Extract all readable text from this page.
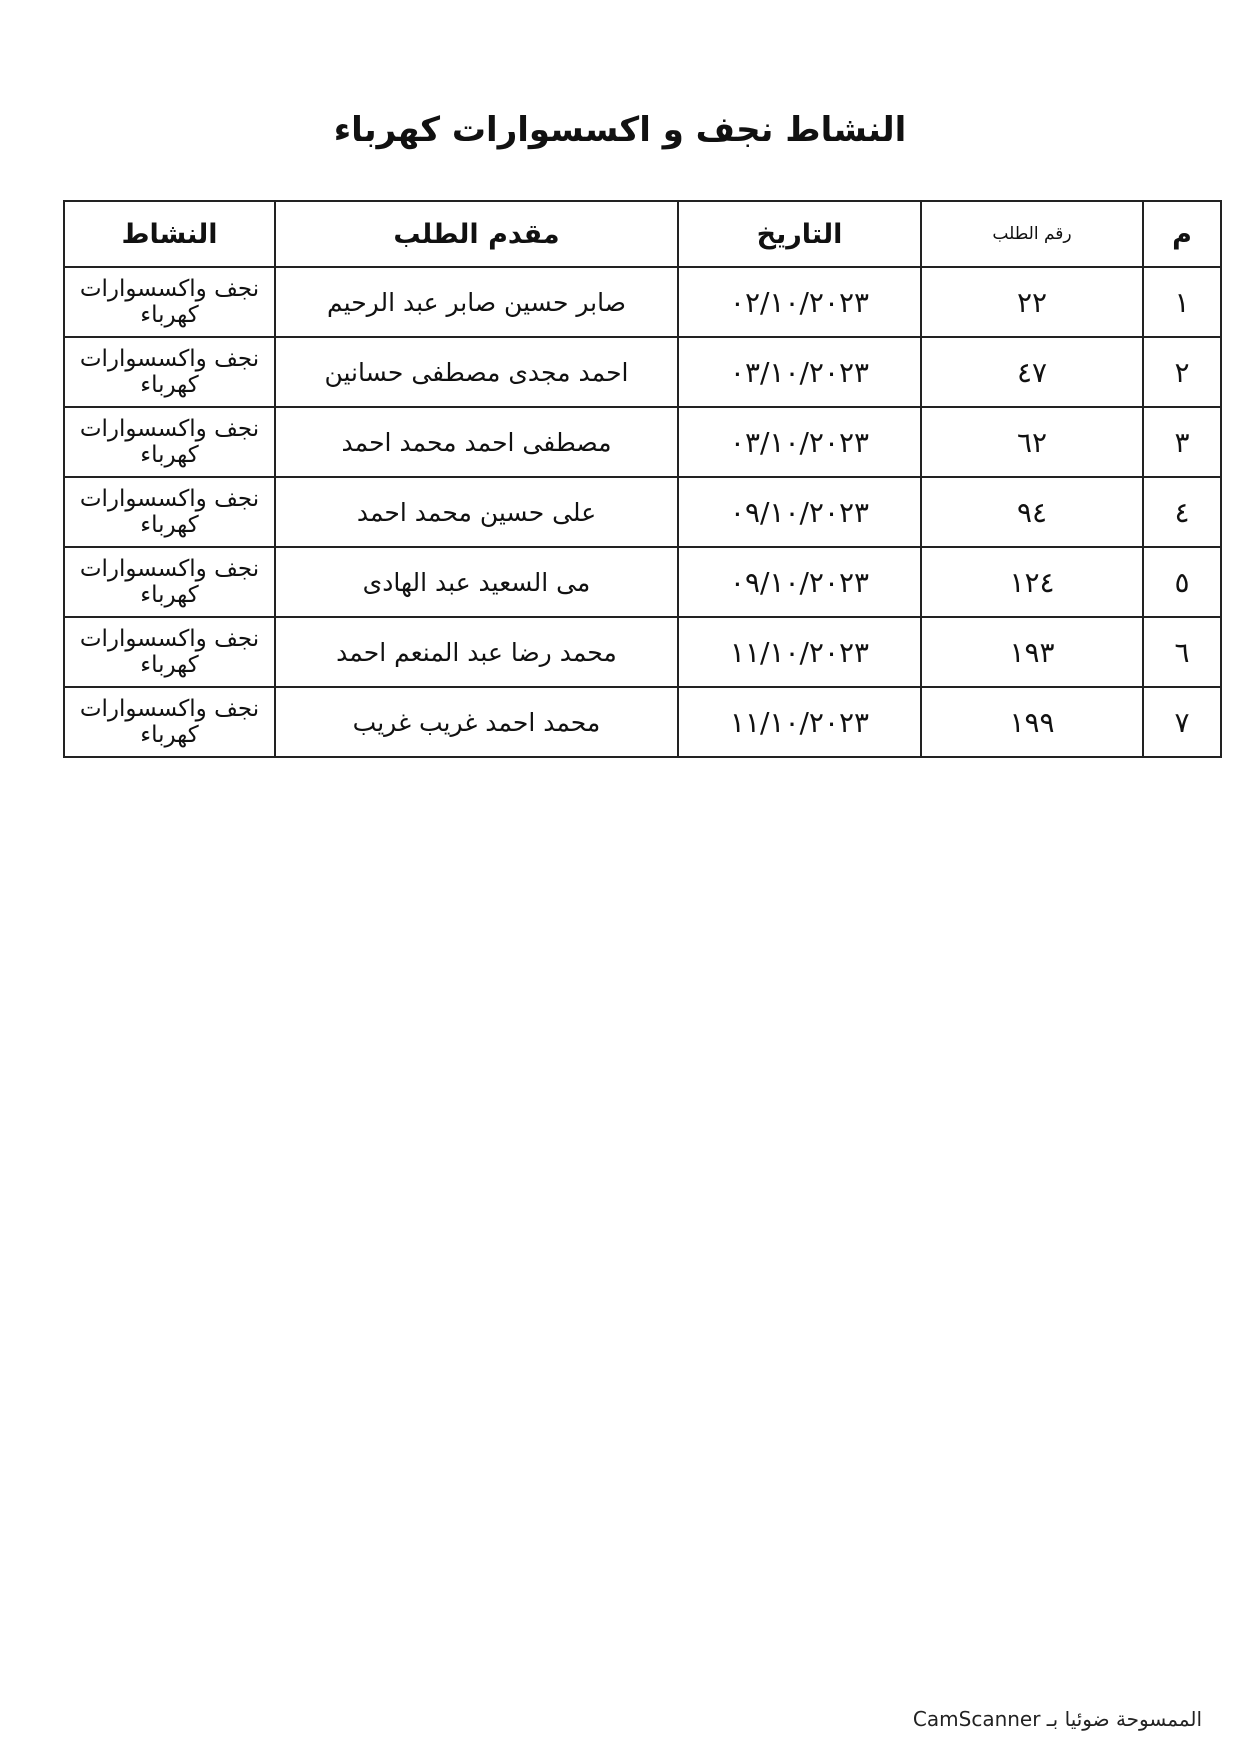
النشاط نجف و اكسسوارات كهرباء
م	رقم الطلب	التاريخ	مقدم الطلب	النشاط
١	٢٢	٠٢/١٠/٢٠٢٣	صابر حسين صابر عبد الرحيم	نجف واكسسوارات كهرباء
٢	٤٧	٠٣/١٠/٢٠٢٣	احمد مجدى مصطفى حسانين	نجف واكسسوارات كهرباء
٣	٦٢	٠٣/١٠/٢٠٢٣	مصطفى احمد محمد احمد	نجف واكسسوارات كهرباء
٤	٩٤	٠٩/١٠/٢٠٢٣	على حسين محمد احمد	نجف واكسسوارات كهرباء
٥	١٢٤	٠٩/١٠/٢٠٢٣	مى السعيد عبد الهادى	نجف واكسسوارات كهرباء
٦	١٩٣	١١/١٠/٢٠٢٣	محمد رضا عبد المنعم احمد	نجف واكسسوارات كهرباء
٧	١٩٩	١١/١٠/٢٠٢٣	محمد احمد غريب غريب	نجف واكسسوارات كهرباء
الممسوحة ضوئيا بـ CamScanner
